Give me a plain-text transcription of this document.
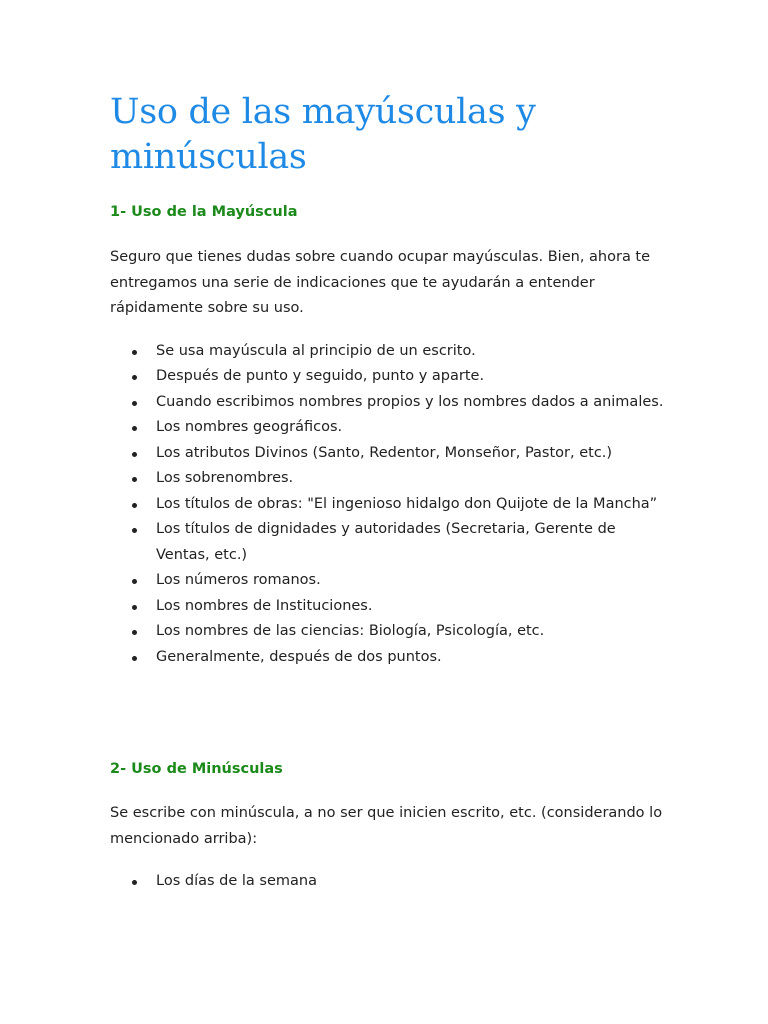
Uso de las mayúsculas y minúsculas
1- Uso de la Mayúscula

Seguro que tienes dudas sobre cuando ocupar mayúsculas. Bien, ahora te entregamos una serie de indicaciones que te ayudarán a entender rápidamente sobre su uso.

Se usa mayúscula al principio de un escrito.
Después de punto y seguido, punto y aparte.
Cuando escribimos nombres propios y los nombres dados a animales.
Los nombres geográficos.
Los atributos Divinos (Santo, Redentor, Monseñor, Pastor, etc.)
Los sobrenombres.
Los títulos de obras: "El ingenioso hidalgo don Quijote de la Mancha”
Los títulos de dignidades y autoridades (Secretaria, Gerente de Ventas, etc.)
Los números romanos.
Los nombres de Instituciones.
Los nombres de las ciencias: Biología, Psicología, etc.
Generalmente, después de dos puntos.
2- Uso de Minúsculas

Se escribe con minúscula, a no ser que inicien escrito, etc. (considerando lo mencionado arriba):

Los días de la semana
